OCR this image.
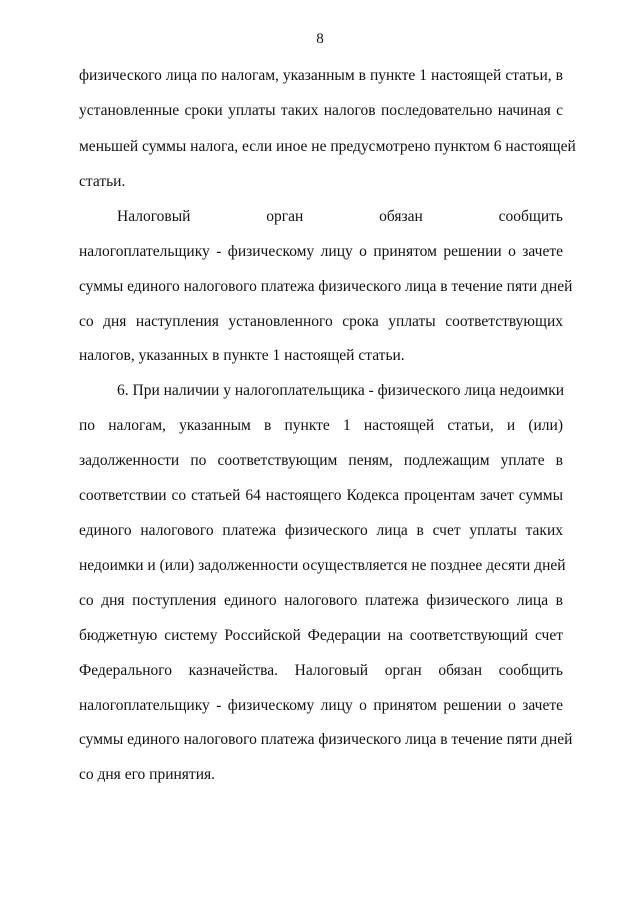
8
физического лица по налогам, указанным в пункте 1 настоящей статьи, в
установленные сроки уплаты таких налогов последовательно начиная с
меньшей суммы налога, если иное не предусмотрено пунктом 6 настоящей
статьи.
Налоговый орган обязан сообщить
налогоплательщику - физическому лицу о принятом решении о зачете
суммы единого налогового платежа физического лица в течение пяти дней
со дня наступления установленного срока уплаты соответствующих
налогов, указанных в пункте 1 настоящей статьи.
6. При наличии у налогоплательщика - физического лица недоимки
по налогам, указанным в пункте 1 настоящей статьи, и (или)
задолженности по соответствующим пеням, подлежащим уплате в
соответствии со статьей 64 настоящего Кодекса процентам зачет суммы
единого налогового платежа физического лица в счет уплаты таких
недоимки и (или) задолженности осуществляется не позднее десяти дней
со дня поступления единого налогового платежа физического лица в
бюджетную систему Российской Федерации на соответствующий счет
Федерального казначейства. Налоговый орган обязан сообщить
налогоплательщику - физическому лицу о принятом решении о зачете
суммы единого налогового платежа физического лица в течение пяти дней
со дня его принятия.
